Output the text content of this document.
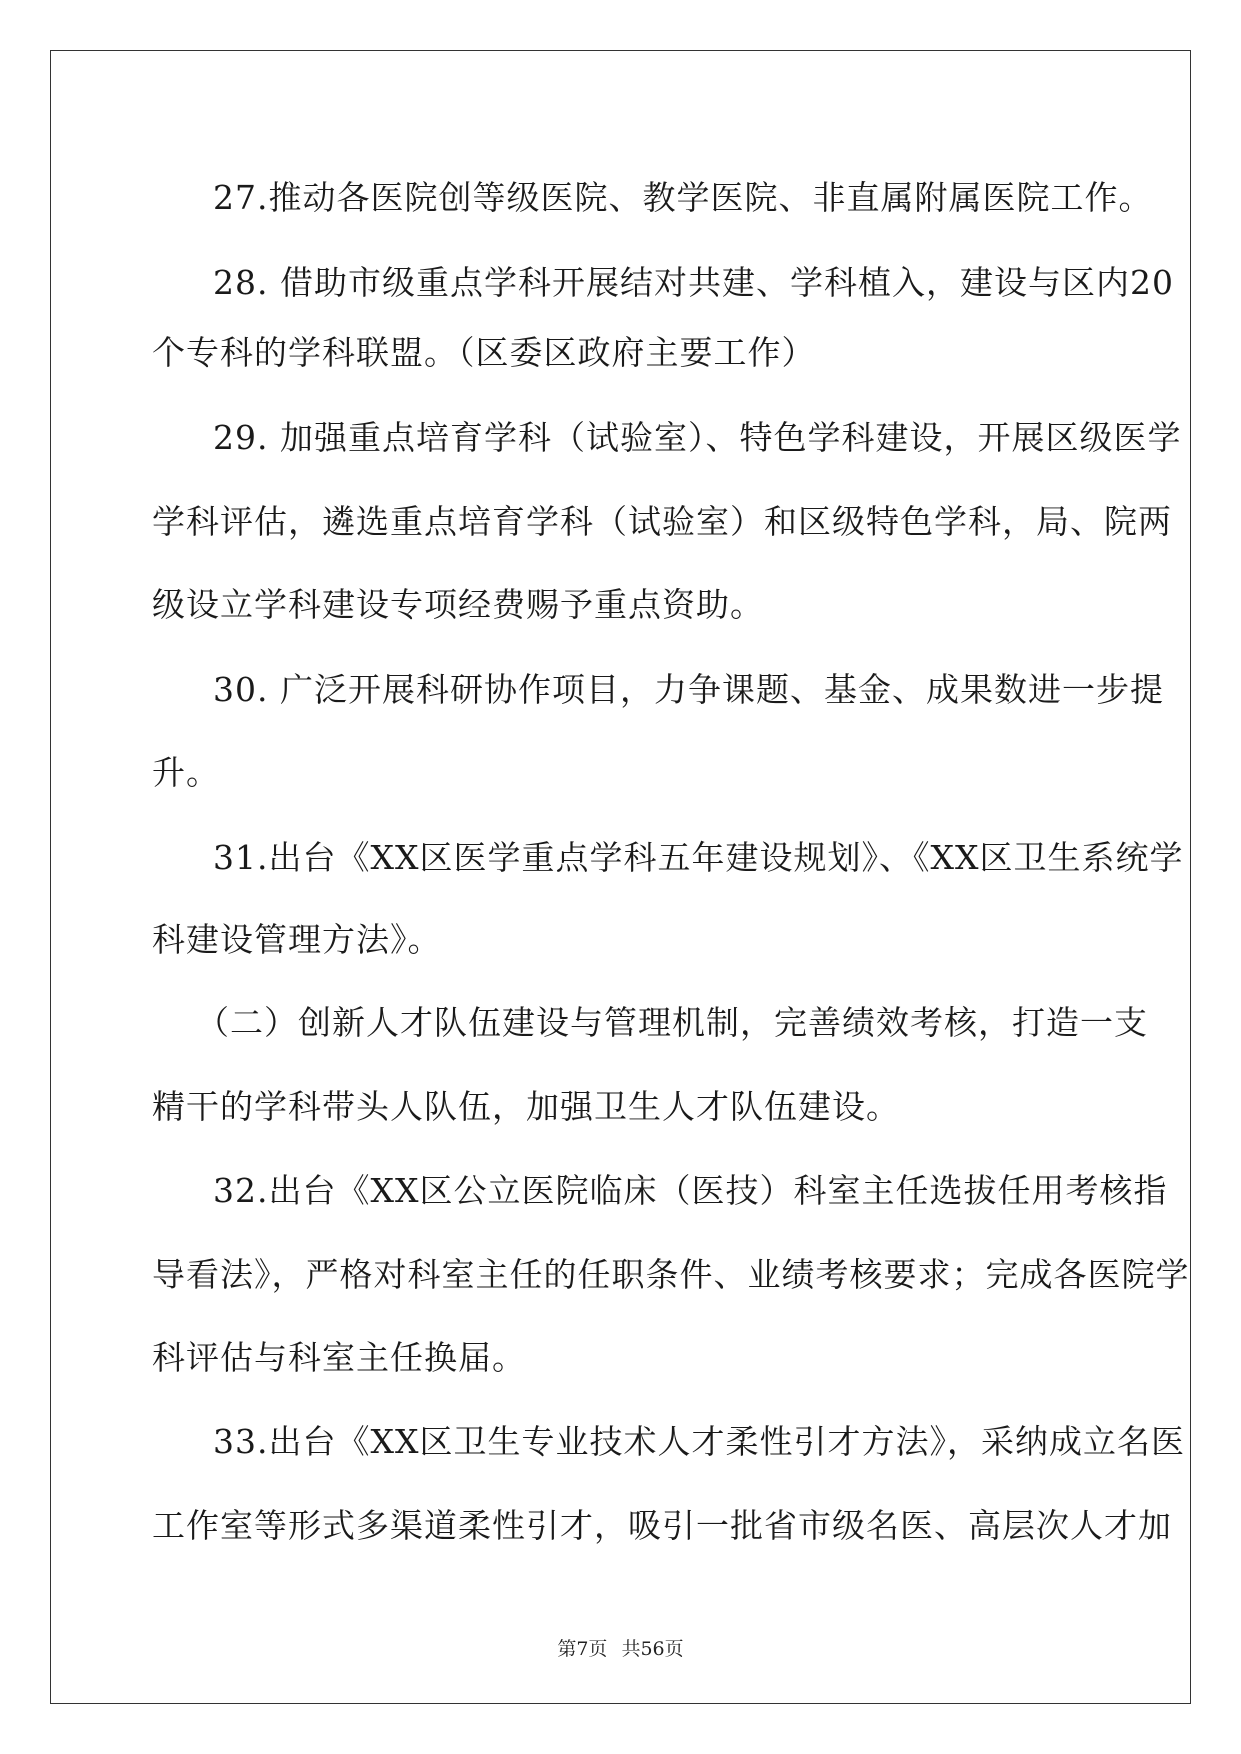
27.推动各医院创等级医院、教学医院、非直属附属医院工作。
28. 借助市级重点学科开展结对共建、学科植入，建设与区内20
个专科的学科联盟。（区委区政府主要工作）
29. 加强重点培育学科（试验室）、特色学科建设，开展区级医学
学科评估，遴选重点培育学科（试验室）和区级特色学科，局、院两
级设立学科建设专项经费赐予重点资助。
30. 广泛开展科研协作项目，力争课题、基金、成果数进一步提
升。
31.出台《XX区医学重点学科五年建设规划》、《XX区卫生系统学
科建设管理方法》。
（二）创新人才队伍建设与管理机制，完善绩效考核，打造一支
精干的学科带头人队伍，加强卫生人才队伍建设。
32.出台《XX区公立医院临床（医技）科室主任选拔任用考核指
导看法》，严格对科室主任的任职条件、业绩考核要求；完成各医院学
科评估与科室主任换届。
33.出台《XX区卫生专业技术人才柔性引才方法》，采纳成立名医
工作室等形式多渠道柔性引才，吸引一批省市级名医、高层次人才加
第7页 共56页
